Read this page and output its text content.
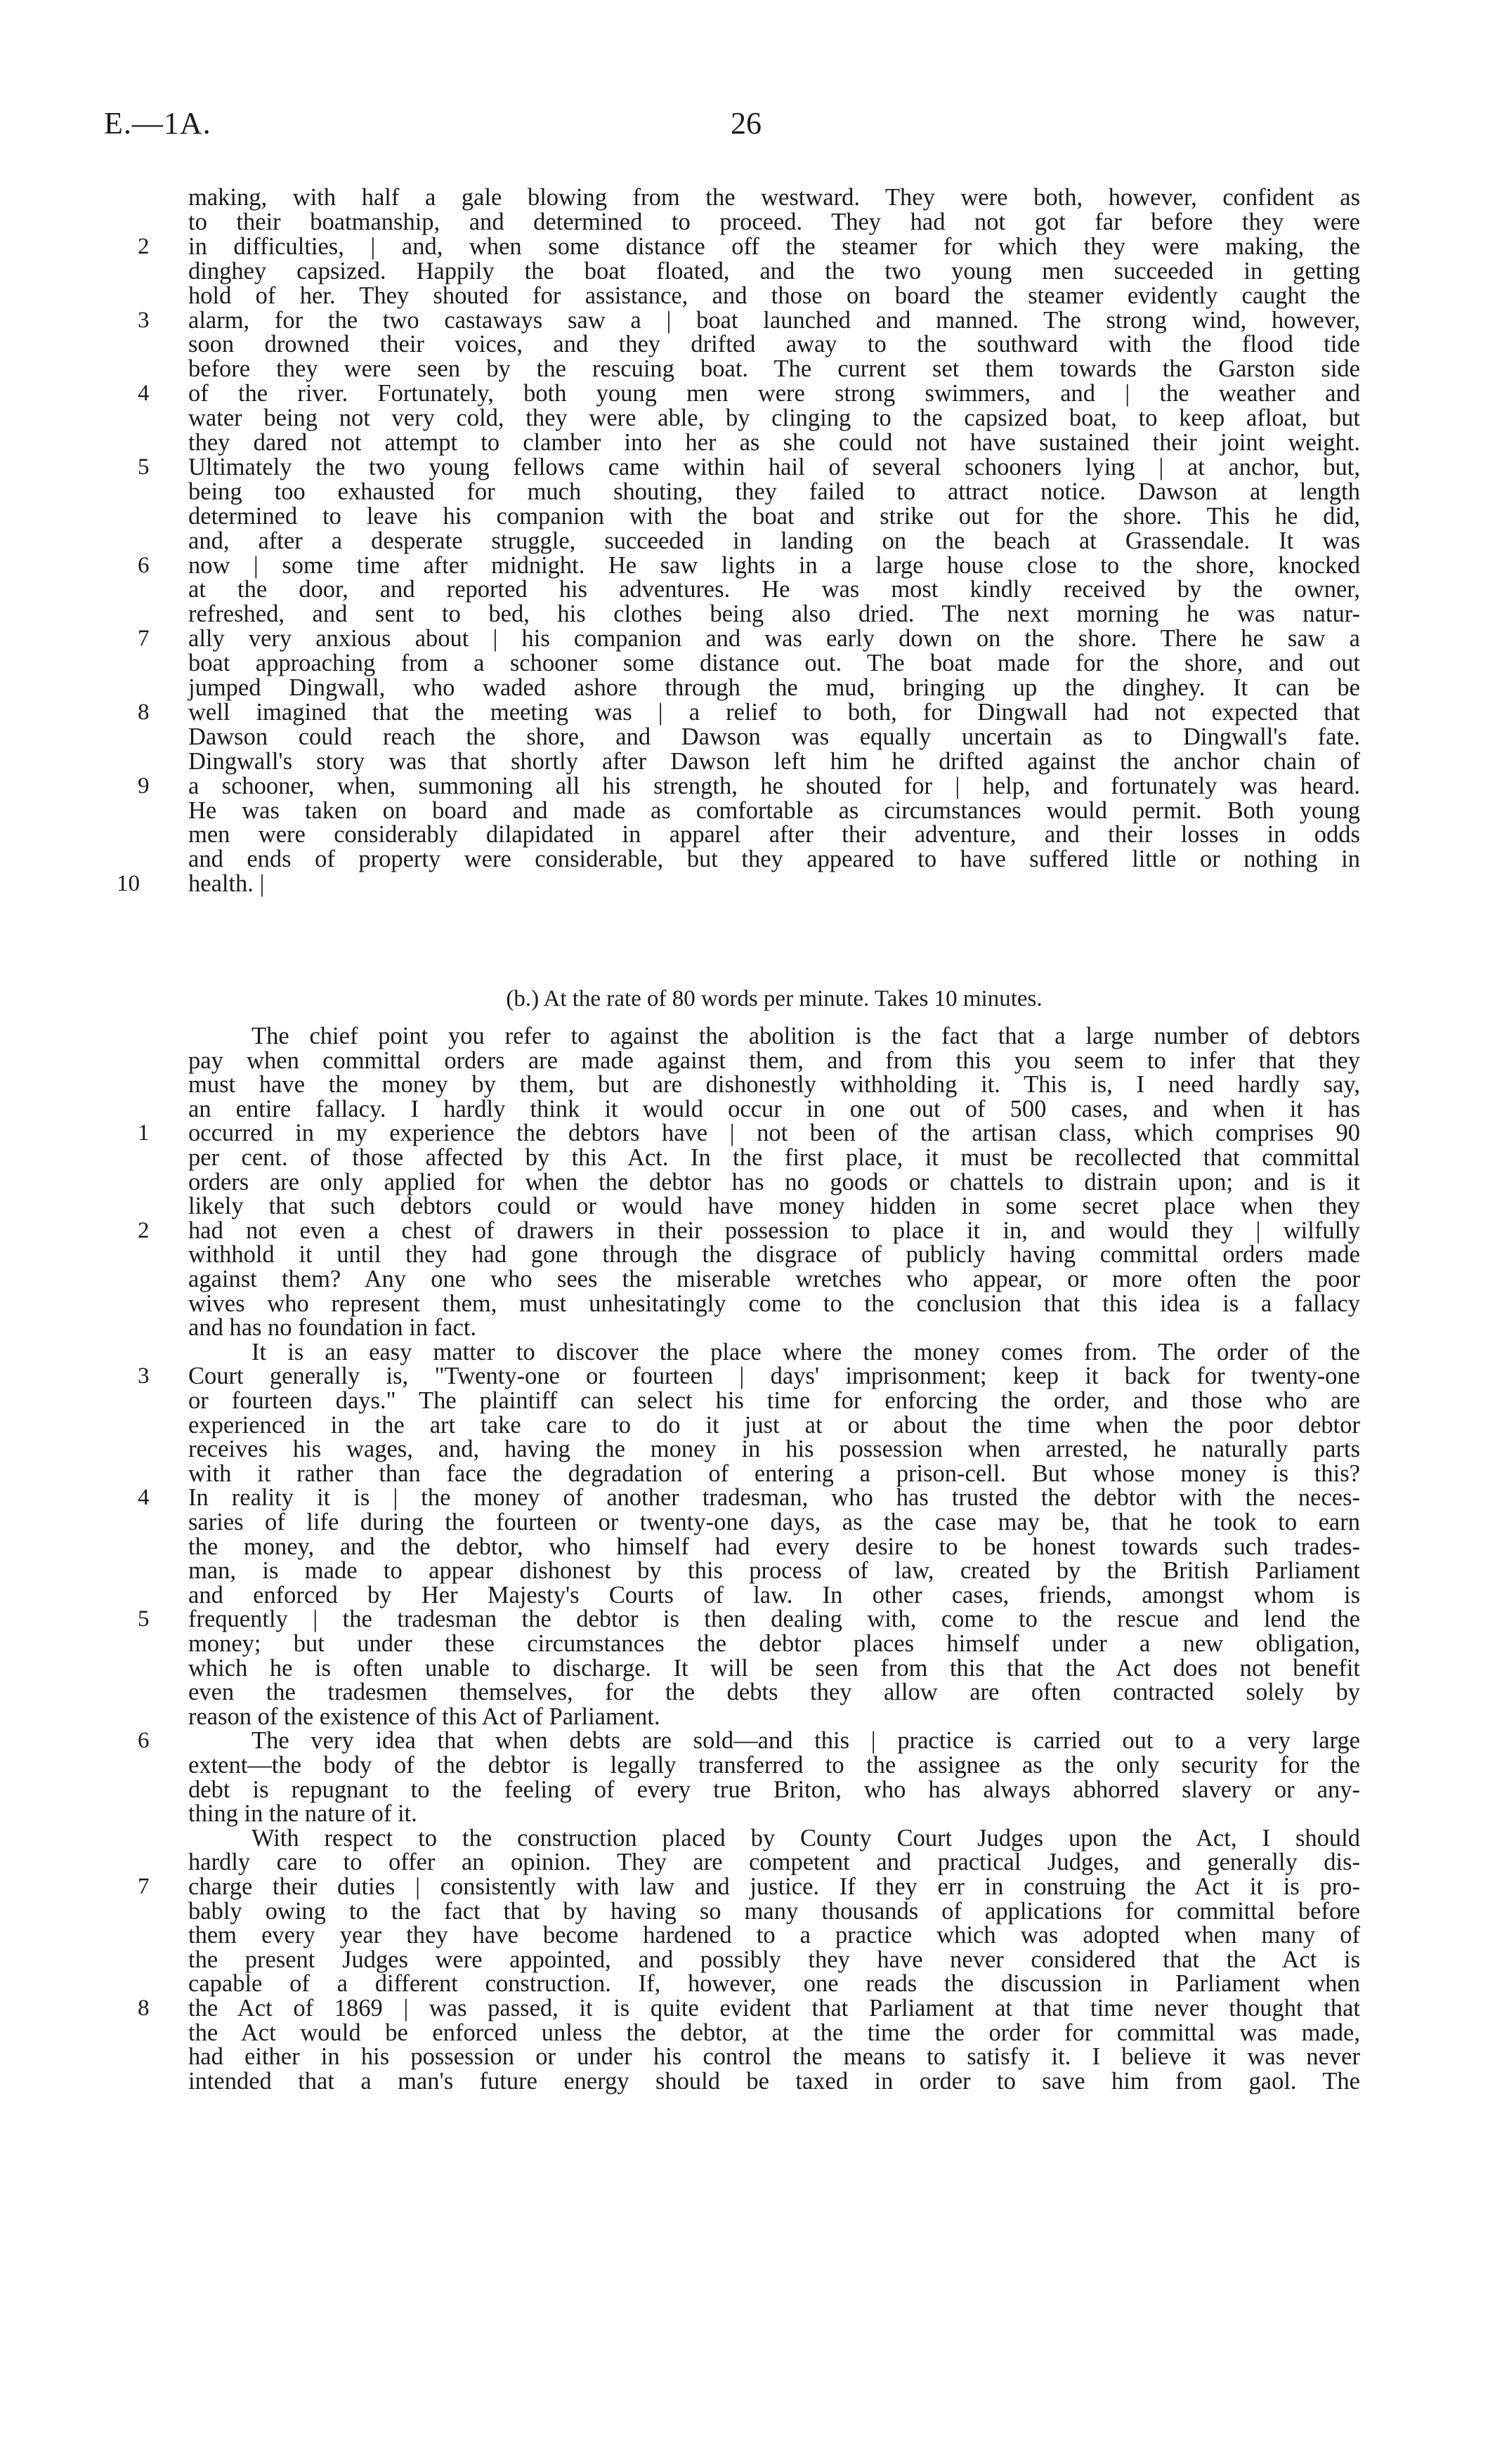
E.—1A.	26
making, with half a gale blowing from the westward. They were both, however, confident as
to their boatmanship, and determined to proceed. They had not got far before they were
in difficulties, | and, when some distance off the steamer for which they were making, the
dinghey capsized. Happily the boat floated, and the two young men succeeded in getting
hold of her. They shouted for assistance, and those on board the steamer evidently caught the
alarm, for the two castaways saw a | boat launched and manned. The strong wind, however,
soon drowned their voices, and they drifted away to the southward with the flood tide
before they were seen by the rescuing boat. The current set them towards the Garston side
of the river. Fortunately, both young men were strong swimmers, and | the weather and
water being not very cold, they were able, by clinging to the capsized boat, to keep afloat, but
they dared not attempt to clamber into her as she could not have sustained their joint weight.
Ultimately the two young fellows came within hail of several schooners lying | at anchor, but,
being too exhausted for much shouting, they failed to attract notice. Dawson at length
determined to leave his companion with the boat and strike out for the shore. This he did,
and, after a desperate struggle, succeeded in landing on the beach at Grassendale. It was
now | some time after midnight. He saw lights in a large house close to the shore, knocked
at the door, and reported his adventures. He was most kindly received by the owner,
refreshed, and sent to bed, his clothes being also dried. The next morning he was natur-
ally very anxious about | his companion and was early down on the shore. There he saw a
boat approaching from a schooner some distance out. The boat made for the shore, and out
jumped Dingwall, who waded ashore through the mud, bringing up the dinghey. It can be
well imagined that the meeting was | a relief to both, for Dingwall had not expected that
Dawson could reach the shore, and Dawson was equally uncertain as to Dingwall's fate.
Dingwall's story was that shortly after Dawson left him he drifted against the anchor chain of
a schooner, when, summoning all his strength, he shouted for | help, and fortunately was heard.
He was taken on board and made as comfortable as circumstances would permit. Both young
men were considerably dilapidated in apparel after their adventure, and their losses in odds
and ends of property were considerable, but they appeared to have suffered little or nothing in
health. |
2
3
4
5
6
7
8
9
10
(b.) At the rate of 80 words per minute. Takes 10 minutes.
The chief point you refer to against the abolition is the fact that a large number of debtors
pay when committal orders are made against them, and from this you seem to infer that they
must have the money by them, but are dishonestly withholding it. This is, I need hardly say,
an entire fallacy. I hardly think it would occur in one out of 500 cases, and when it has
occurred in my experience the debtors have | not been of the artisan class, which comprises 90
per cent. of those affected by this Act. In the first place, it must be recollected that committal
orders are only applied for when the debtor has no goods or chattels to distrain upon; and is it
likely that such debtors could or would have money hidden in some secret place when they
had not even a chest of drawers in their possession to place it in, and would they | wilfully
withhold it until they had gone through the disgrace of publicly having committal orders made
against them? Any one who sees the miserable wretches who appear, or more often the poor
wives who represent them, must unhesitatingly come to the conclusion that this idea is a fallacy
and has no foundation in fact.
It is an easy matter to discover the place where the money comes from. The order of the
Court generally is, "Twenty-one or fourteen | days' imprisonment; keep it back for twenty-one
or fourteen days." The plaintiff can select his time for enforcing the order, and those who are
experienced in the art take care to do it just at or about the time when the poor debtor
receives his wages, and, having the money in his possession when arrested, he naturally parts
with it rather than face the degradation of entering a prison-cell. But whose money is this?
In reality it is | the money of another tradesman, who has trusted the debtor with the neces-
saries of life during the fourteen or twenty-one days, as the case may be, that he took to earn
the money, and the debtor, who himself had every desire to be honest towards such trades-
man, is made to appear dishonest by this process of law, created by the British Parliament
and enforced by Her Majesty's Courts of law. In other cases, friends, amongst whom is
frequently | the tradesman the debtor is then dealing with, come to the rescue and lend the
money; but under these circumstances the debtor places himself under a new obligation,
which he is often unable to discharge. It will be seen from this that the Act does not benefit
even the tradesmen themselves, for the debts they allow are often contracted solely by
reason of the existence of this Act of Parliament.
The very idea that when debts are sold—and this | practice is carried out to a very large
extent—the body of the debtor is legally transferred to the assignee as the only security for the
debt is repugnant to the feeling of every true Briton, who has always abhorred slavery or any-
thing in the nature of it.
With respect to the construction placed by County Court Judges upon the Act, I should
hardly care to offer an opinion. They are competent and practical Judges, and generally dis-
charge their duties | consistently with law and justice. If they err in construing the Act it is pro-
bably owing to the fact that by having so many thousands of applications for committal before
them every year they have become hardened to a practice which was adopted when many of
the present Judges were appointed, and possibly they have never considered that the Act is
capable of a different construction. If, however, one reads the discussion in Parliament when
the Act of 1869 | was passed, it is quite evident that Parliament at that time never thought that
the Act would be enforced unless the debtor, at the time the order for committal was made,
had either in his possession or under his control the means to satisfy it. I believe it was never
intended that a man's future energy should be taxed in order to save him from gaol. The
1
2
3
4
5
6
7
8
